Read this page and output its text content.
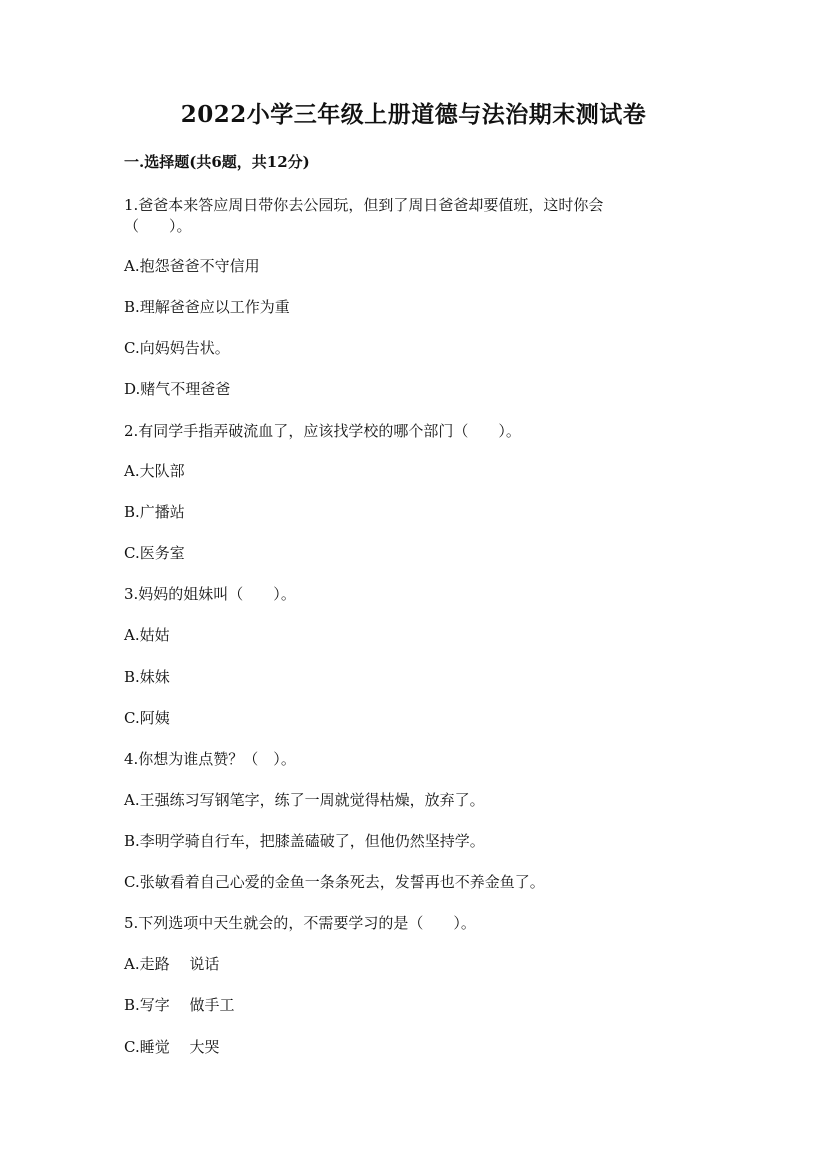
2022小学三年级上册道德与法治期末测试卷
一.选择题(共6题，共12分)
1.爸爸本来答应周日带你去公园玩，但到了周日爸爸却要值班，这时你会
（　　）。
A.抱怨爸爸不守信用
B.理解爸爸应以工作为重
C.向妈妈告状。
D.赌气不理爸爸
2.有同学手指弄破流血了，应该找学校的哪个部门（　　）。
A.大队部
B.广播站
C.医务室
3.妈妈的姐妹叫（　　）。
A.姑姑
B.妹妹
C.阿姨
4.你想为谁点赞？（　）。
A.王强练习写钢笔字，练了一周就觉得枯燥，放弃了。
B.李明学骑自行车，把膝盖磕破了，但他仍然坚持学。
C.张敏看着自己心爱的金鱼一条条死去，发誓再也不养金鱼了。
5.下列选项中天生就会的，不需要学习的是（　　）。
A.走路　 说话
B.写字　 做手工
C.睡觉　 大哭
